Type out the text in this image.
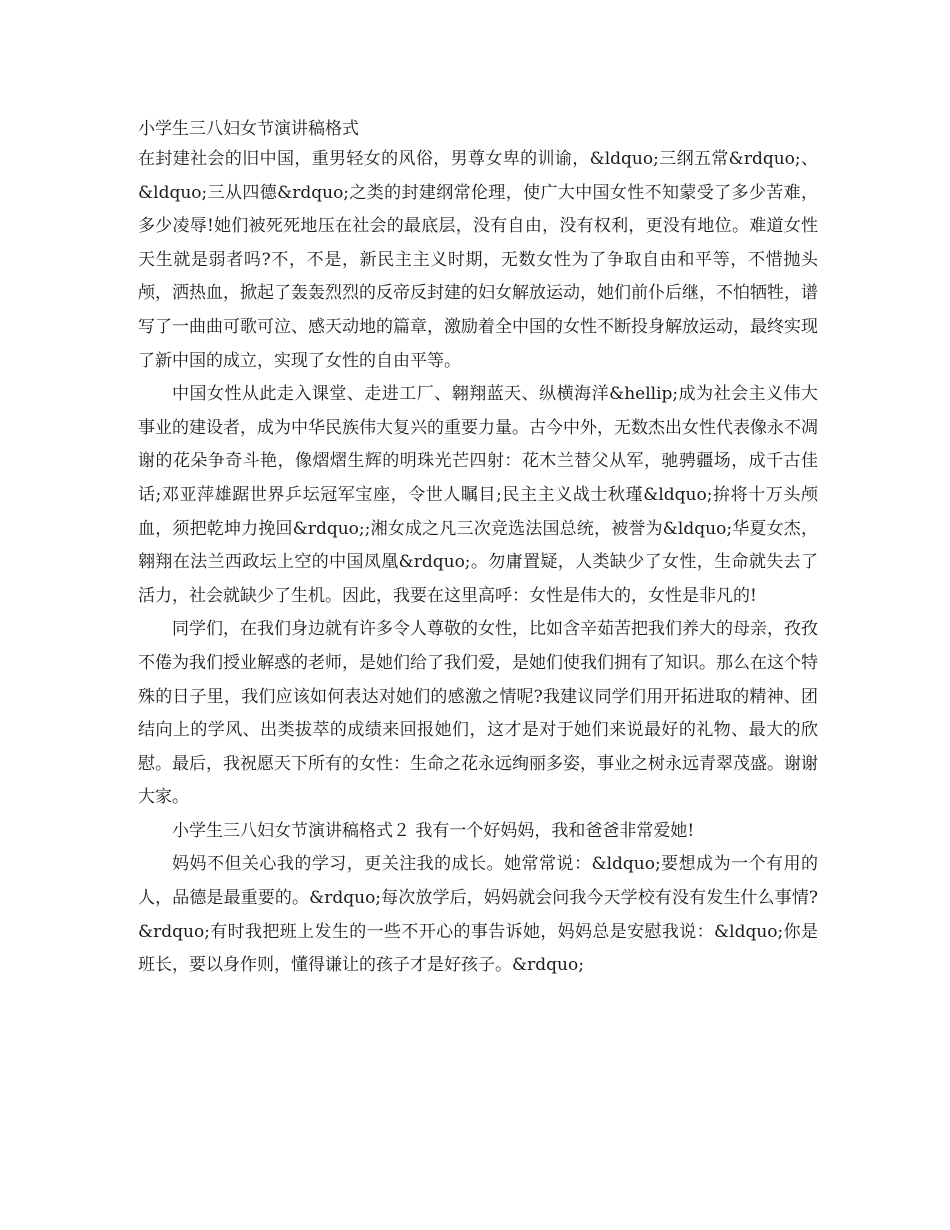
小学生三八妇女节演讲稿格式

在封建社会的旧中国，重男轻女的风俗，男尊女卑的训谕，&ldquo;三纲五常&rdquo;、&ldquo;三从四德&rdquo;之类的封建纲常伦理，使广大中国女性不知蒙受了多少苦难，多少凌辱!她们被死死地压在社会的最底层，没有自由，没有权利，更没有地位。难道女性天生就是弱者吗?不，不是，新民主主义时期，无数女性为了争取自由和平等，不惜抛头颅，洒热血，掀起了轰轰烈烈的反帝反封建的妇女解放运动，她们前仆后继，不怕牺牲，谱写了一曲曲可歌可泣、感天动地的篇章，激励着全中国的女性不断投身解放运动，最终实现了新中国的成立，实现了女性的自由平等。

中国女性从此走入课堂、走进工厂、翱翔蓝天、纵横海洋&hellip;成为社会主义伟大事业的建设者，成为中华民族伟大复兴的重要力量。古今中外，无数杰出女性代表像永不凋谢的花朵争奇斗艳，像熠熠生辉的明珠光芒四射：花木兰替父从军，驰骋疆场，成千古佳话;邓亚萍雄踞世界乒坛冠军宝座，令世人瞩目;民主主义战士秋瑾&ldquo;拚将十万头颅血，须把乾坤力挽回&rdquo;;湘女成之凡三次竞选法国总统，被誉为&ldquo;华夏女杰，翱翔在法兰西政坛上空的中国凤凰&rdquo;。勿庸置疑，人类缺少了女性，生命就失去了活力，社会就缺少了生机。因此，我要在这里高呼：女性是伟大的，女性是非凡的!

同学们，在我们身边就有许多令人尊敬的女性，比如含辛茹苦把我们养大的母亲，孜孜不倦为我们授业解惑的老师，是她们给了我们爱，是她们使我们拥有了知识。那么在这个特殊的日子里，我们应该如何表达对她们的感激之情呢?我建议同学们用开拓进取的精神、团结向上的学风、出类拔萃的成绩来回报她们，这才是对于她们来说最好的礼物、最大的欣慰。最后，我祝愿天下所有的女性：生命之花永远绚丽多姿，事业之树永远青翠茂盛。谢谢大家。

小学生三八妇女节演讲稿格式２ 我有一个好妈妈，我和爸爸非常爱她!

妈妈不但关心我的学习，更关注我的成长。她常常说：&ldquo;要想成为一个有用的人，品德是最重要的。&rdquo;每次放学后，妈妈就会问我今天学校有没有发生什么事情?&rdquo;有时我把班上发生的一些不开心的事告诉她，妈妈总是安慰我说：&ldquo;你是班长，要以身作则，懂得谦让的孩子才是好孩子。&rdquo;
